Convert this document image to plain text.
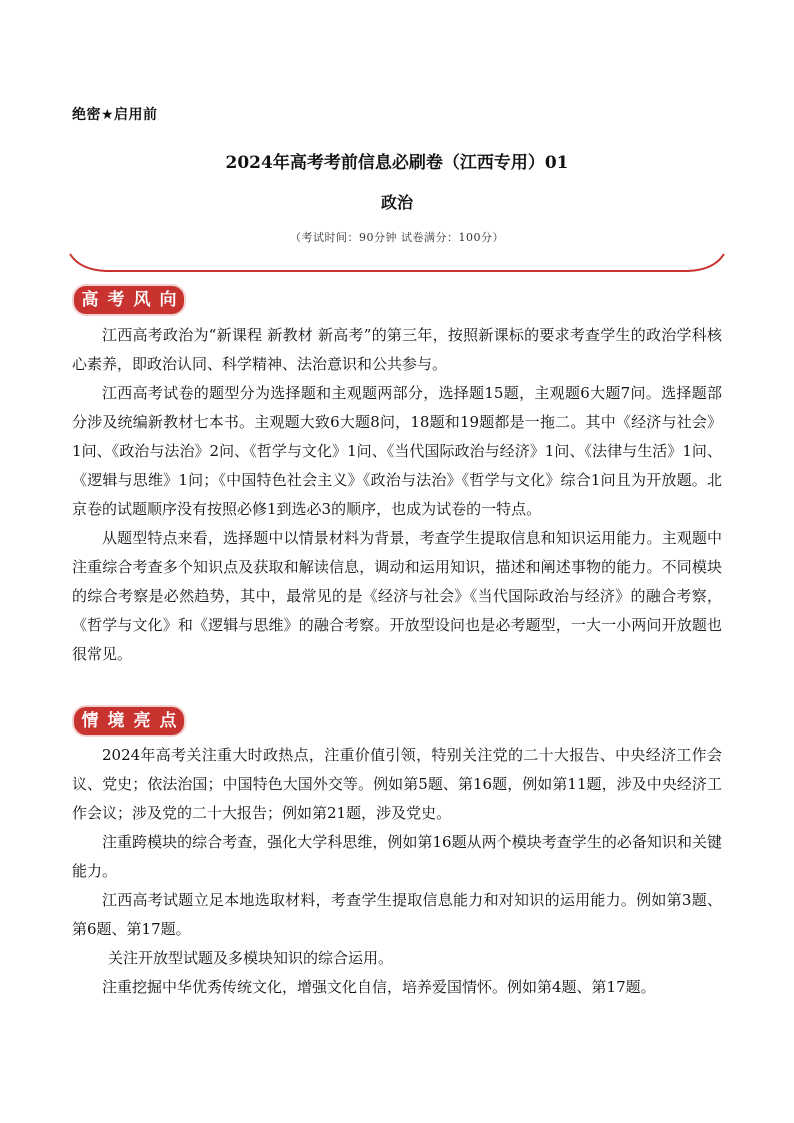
绝密★启用前
2024年高考考前信息必刷卷（江西专用）01
政治
（考试时间：90分钟 试卷满分：100分）
高 考 风 向

江西高考政治为“新课程 新教材 新高考”的第三年，按照新课标的要求考查学生的政治学科核心素养，即政治认同、科学精神、法治意识和公共参与。

江西高考试卷的题型分为选择题和主观题两部分，选择题15题，主观题6大题7问。选择题部分涉及统编新教材七本书。主观题大致6大题8问，18题和19题都是一拖二。其中《经济与社会》1问、《政治与法治》2问、《哲学与文化》1问、《当代国际政治与经济》1问、《法律与生活》1问、《逻辑与思维》1问；《中国特色社会主义》《政治与法治》《哲学与文化》综合1问且为开放题。北京卷的试题顺序没有按照必修1到选必3的顺序，也成为试卷的一特点。

从题型特点来看，选择题中以情景材料为背景，考查学生提取信息和知识运用能力。主观题中注重综合考查多个知识点及获取和解读信息，调动和运用知识，描述和阐述事物的能力。不同模块的综合考察是必然趋势，其中，最常见的是《经济与社会》《当代国际政治与经济》的融合考察，《哲学与文化》和《逻辑与思维》的融合考察。开放型设问也是必考题型，一大一小两问开放题也很常见。

情 境 亮 点

2024年高考关注重大时政热点，注重价值引领，特别关注党的二十大报告、中央经济工作会议、党史；依法治国；中国特色大国外交等。例如第5题、第16题，例如第11题，涉及中央经济工作会议；涉及党的二十大报告；例如第21题，涉及党史。

注重跨模块的综合考查，强化大学科思维，例如第16题从两个模块考查学生的必备知识和关键能力。

江西高考试题立足本地选取材料，考查学生提取信息能力和对知识的运用能力。例如第3题、第6题、第17题。

关注开放型试题及多模块知识的综合运用。

注重挖掘中华优秀传统文化，增强文化自信，培养爱国情怀。例如第4题、第17题。
